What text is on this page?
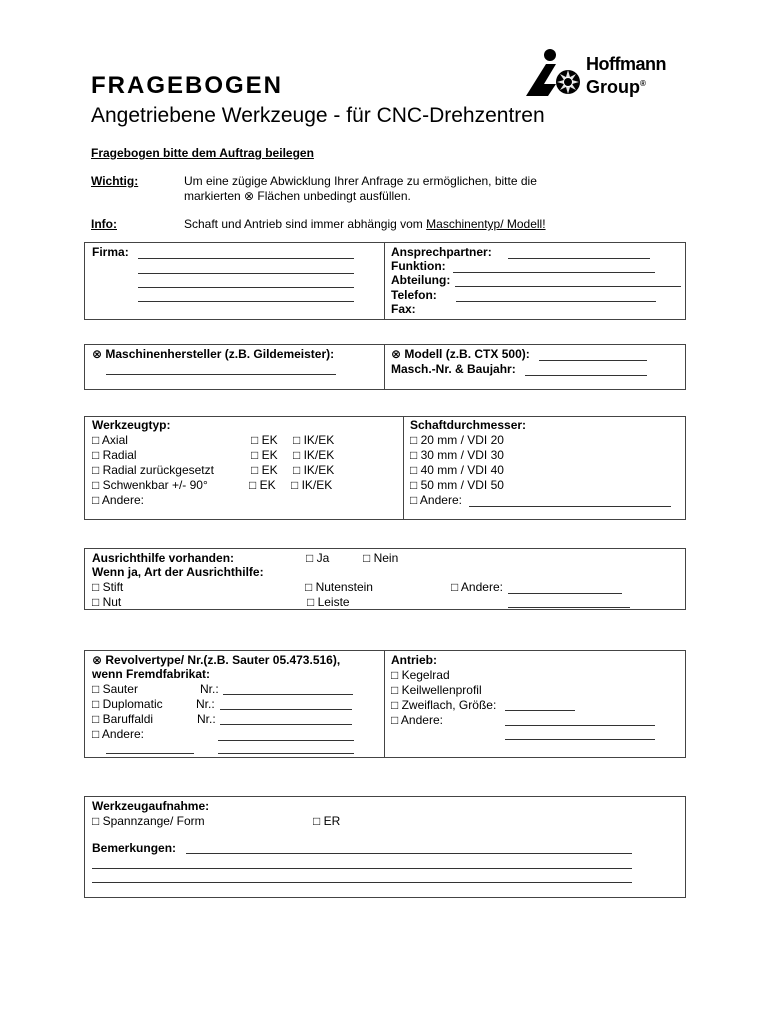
FRAGEBOGEN
Angetriebene Werkzeuge - für CNC-Drehzentren
Hoffmann
Group®
Fragebogen bitte dem Auftrag beilegen
Wichtig:	Um eine zügige Abwicklung Ihrer Anfrage zu ermöglichen, bitte die
markierten ⊗ Flächen unbedingt ausfüllen.
Info:	Schaft und Antrieb sind immer abhängig vom Maschinentyp/ Modell!
Firma:	Ansprechpartner:
Funktion:
Abteilung:
Telefon:
Fax:
⊗ Maschinenhersteller (z.B. Gildemeister):	⊗ Modell (z.B. CTX 500):
Masch.-Nr. & Baujahr:
Werkzeugtyp:
□ Axial	□ EK □ IK/EK
□ Radial	□ EK □ IK/EK
□ Radial zurückgesetzt	□ EK □ IK/EK
□ Schwenkbar +/- 90°	□ EK □ IK/EK
□ Andere:
Schaftdurchmesser:
□ 20 mm / VDI 20
□ 30 mm / VDI 30
□ 40 mm / VDI 40
□ 50 mm / VDI 50
□ Andere:
Ausrichthilfe vorhanden:	□ Ja	□ Nein
Wenn ja, Art der Ausrichthilfe:
□ Stift	□ Nutenstein	□ Andere:
□ Nut	□ Leiste
⊗ Revolvertype/ Nr.(z.B. Sauter 05.473.516),
wenn Fremdfabrikat:
□ Sauter	Nr.:
□ Duplomatic	Nr.:
□ Baruffaldi	Nr.:
□ Andere:
Antrieb:
□ Kegelrad
□ Keilwellenprofil
□ Zweiflach, Größe:
□ Andere:
Werkzeugaufnahme:
□ Spannzange/ Form	□ ER
Bemerkungen:
